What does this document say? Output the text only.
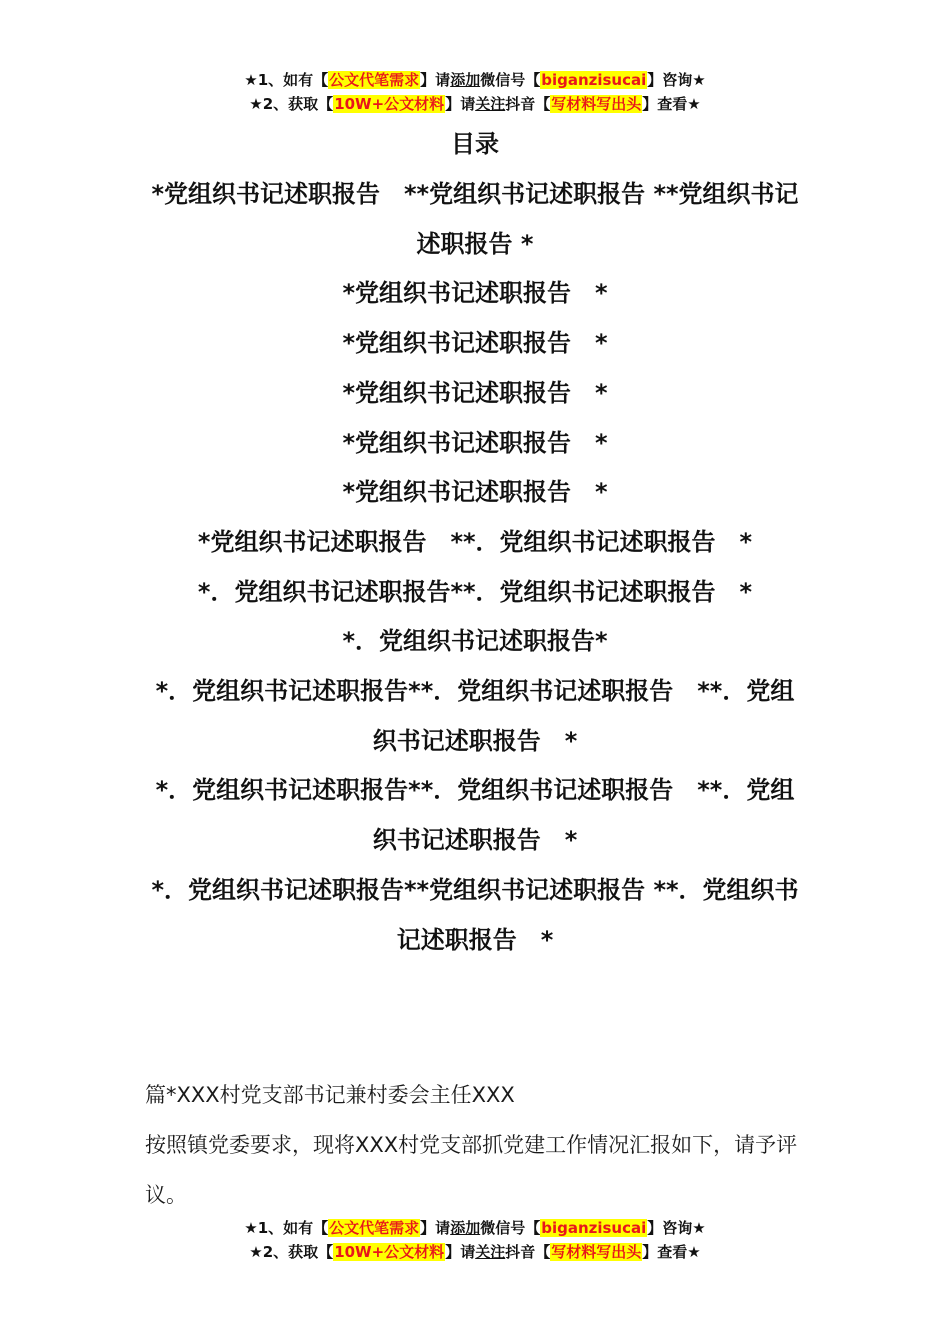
★1、如有【公文代笔需求】请添加微信号【biganzisucai】咨询★
★2、获取【10W+公文材料】请关注抖音【写材料写出头】查看★
目录

*党组织书记述职报告　**党组织书记述职报告 **党组织书记述职报告 *

*党组织书记述职报告　*

*党组织书记述职报告　*

*党组织书记述职报告　*

*党组织书记述职报告　*

*党组织书记述职报告　*

*党组织书记述职报告　**．党组织书记述职报告　*

*．党组织书记述职报告**．党组织书记述职报告　*

*．党组织书记述职报告*

*．党组织书记述职报告**．党组织书记述职报告　**．党组织书记述职报告　*

*．党组织书记述职报告**．党组织书记述职报告　**．党组织书记述职报告　*

*．党组织书记述职报告**党组织书记述职报告 **．党组织书记述职报告　*

篇*XXX村党支部书记兼村委会主任XXX

按照镇党委要求，现将XXX村党支部抓党建工作情况汇报如下，请予评议。

★1、如有【公文代笔需求】请添加微信号【biganzisucai】咨询★
★2、获取【10W+公文材料】请关注抖音【写材料写出头】查看★
